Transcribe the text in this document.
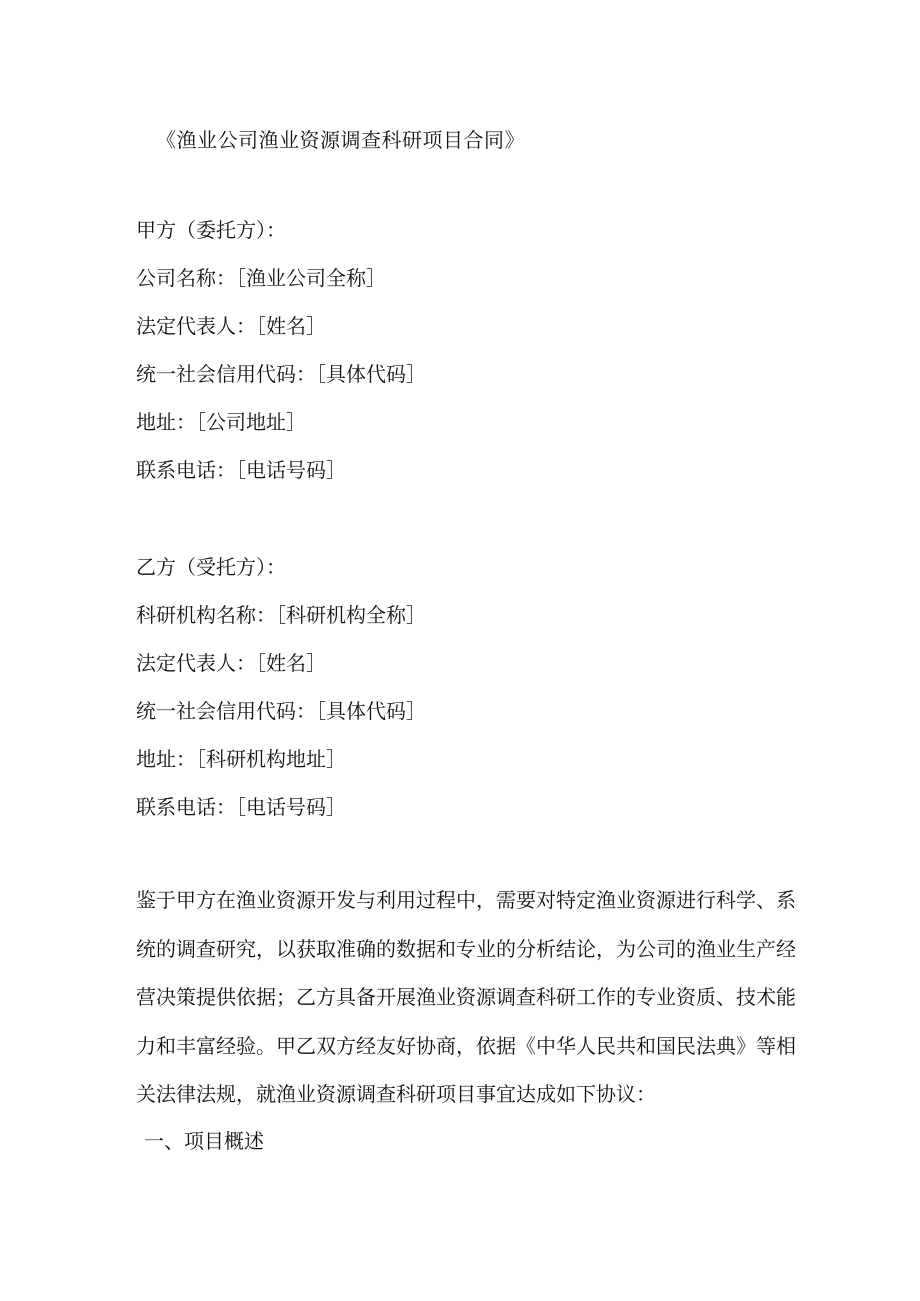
《渔业公司渔业资源调查科研项目合同》
甲方（委托方）：
公司名称：［渔业公司全称］
法定代表人：［姓名］
统一社会信用代码：［具体代码］
地址：［公司地址］
联系电话：［电话号码］
乙方（受托方）：
科研机构名称：［科研机构全称］
法定代表人：［姓名］
统一社会信用代码：［具体代码］
地址：［科研机构地址］
联系电话：［电话号码］

鉴于甲方在渔业资源开发与利用过程中，需要对特定渔业资源进行科学、系统的调查研究，以获取准确的数据和专业的分析结论，为公司的渔业生产经营决策提供依据；乙方具备开展渔业资源调查科研工作的专业资质、技术能力和丰富经验。甲乙双方经友好协商，依据《中华人民共和国民法典》等相关法律法规，就渔业资源调查科研项目事宜达成如下协议：

一、项目概述
